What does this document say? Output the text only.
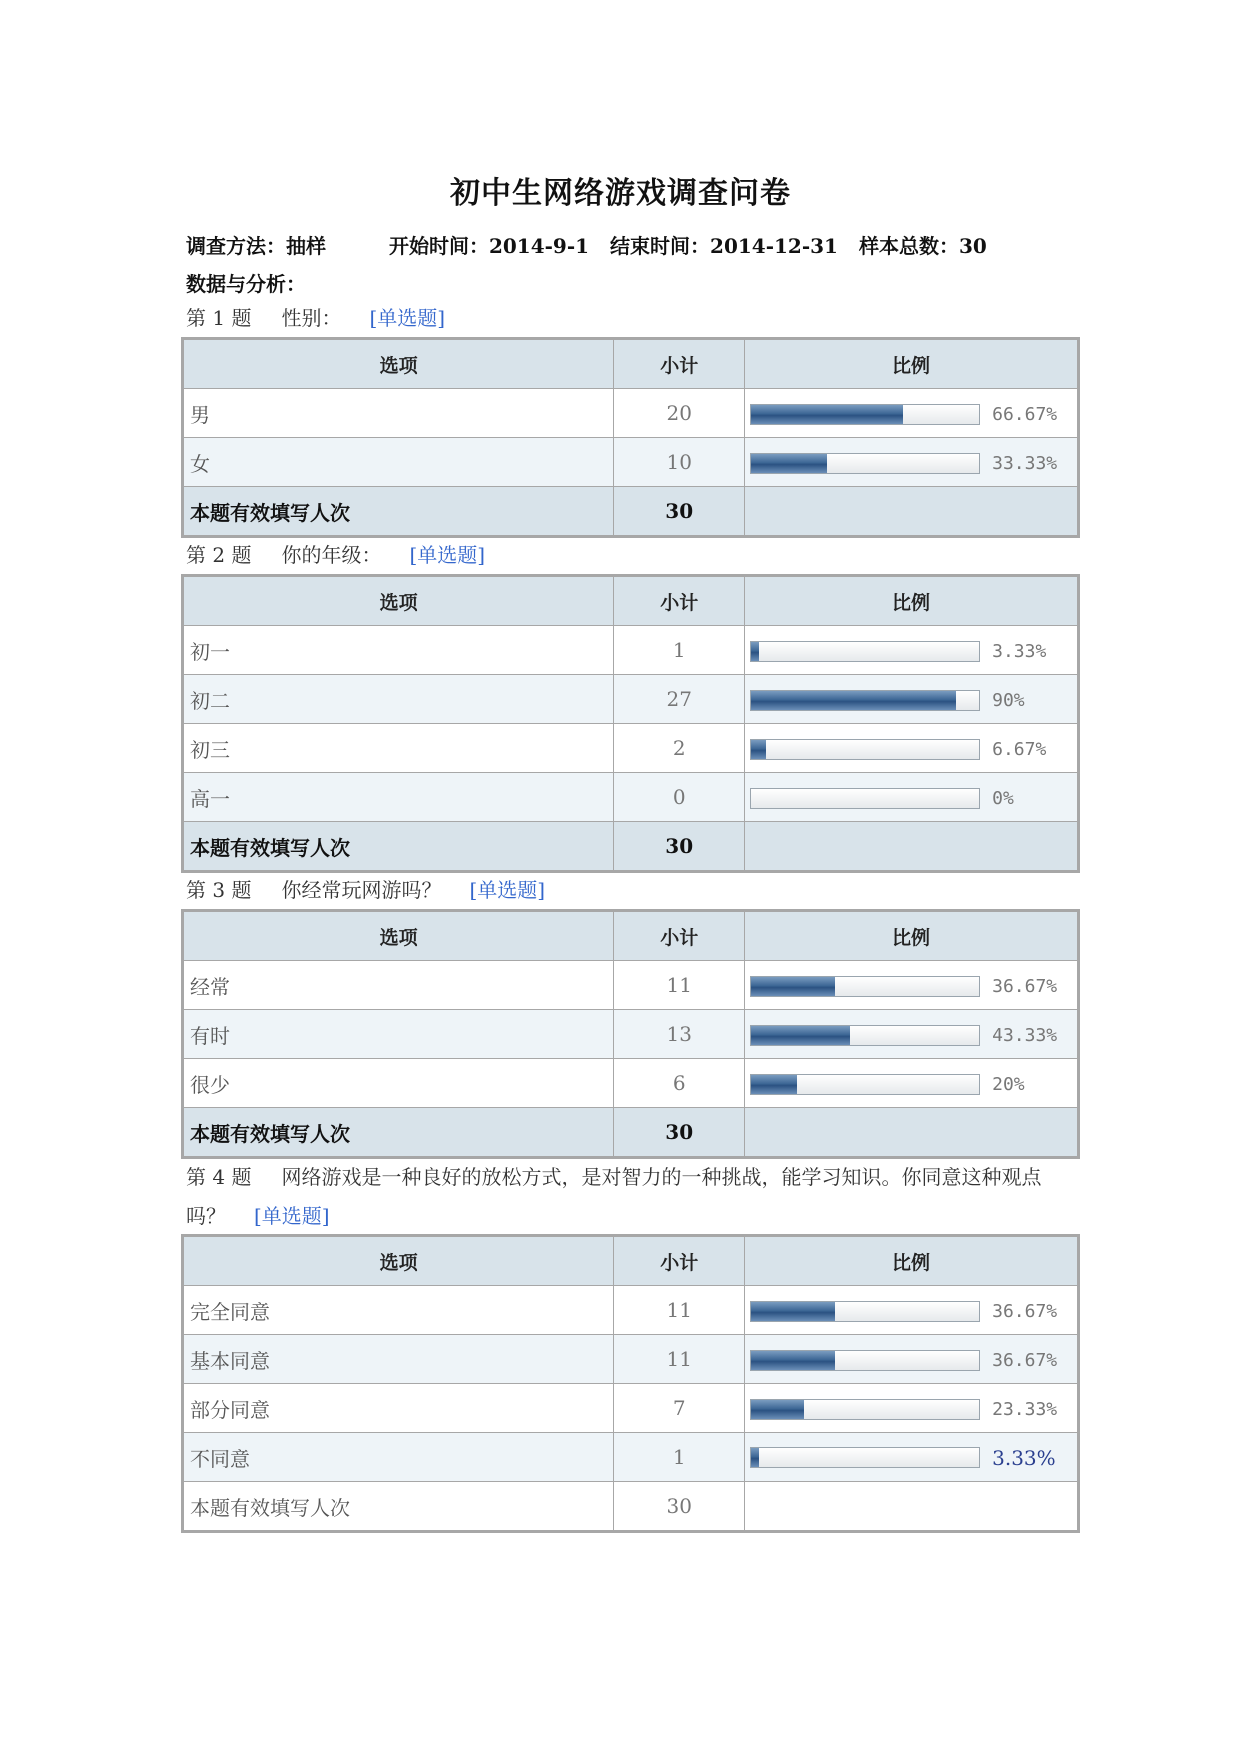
初中生网络游戏调查问卷
调查方法：抽样	开始时间：2014-9-1 结束时间：2014-12-31 样本总数：30
数据与分析：
第 1 题 性别： [单选题]
选项	小计	比例
男	20	66.67%
女	10	33.33%
本题有效填写人次	30	
第 2 题 你的年级： [单选题]
选项	小计	比例
初一	1	3.33%
初二	27	90%
初三	2	6.67%
高一	0	0%
本题有效填写人次	30	
第 3 题 你经常玩网游吗？ [单选题]
选项	小计	比例
经常	11	36.67%
有时	13	43.33%
很少	6	20%
本题有效填写人次	30	
第 4 题 网络游戏是一种良好的放松方式，是对智力的一种挑战，能学习知识。你同意这种观点吗？ [单选题]
选项	小计	比例
完全同意	11	36.67%
基本同意	11	36.67%
部分同意	7	23.33%
不同意	1	3.33%
本题有效填写人次	30	
